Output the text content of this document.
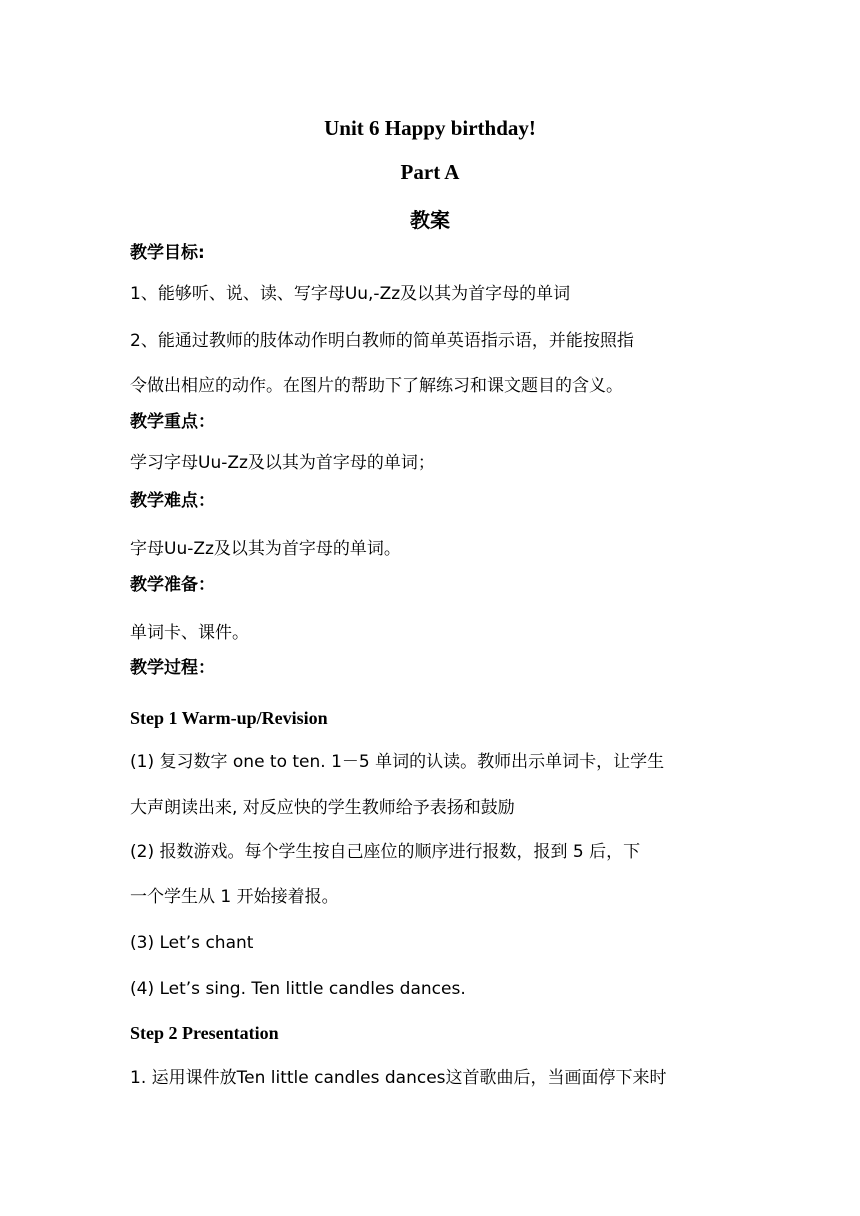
Unit 6 Happy birthday!
Part A
教案
教学目标:
1、能够听、说、读、写字母Uu,-Zz及以其为首字母的单词
2、能通过教师的肢体动作明白教师的简单英语指示语，并能按照指
令做出相应的动作。在图片的帮助下了解练习和课文题目的含义。
教学重点：
学习字母Uu-Zz及以其为首字母的单词；
教学难点：
字母Uu-Zz及以其为首字母的单词。
教学准备：
单词卡、课件。
教学过程：
Step 1 Warm-up/Revision
(1) 复习数字 one to ten. 1－5 单词的认读。教师出示单词卡，让学生
大声朗读出来, 对反应快的学生教师给予表扬和鼓励
(2) 报数游戏。每个学生按自己座位的顺序进行报数，报到 5 后，下
一个学生从 1 开始接着报。
(3) Let’s chant
(4) Let’s sing. Ten little candles dances.
Step 2 Presentation
1. 运用课件放Ten little candles dances这首歌曲后，当画面停下来时
